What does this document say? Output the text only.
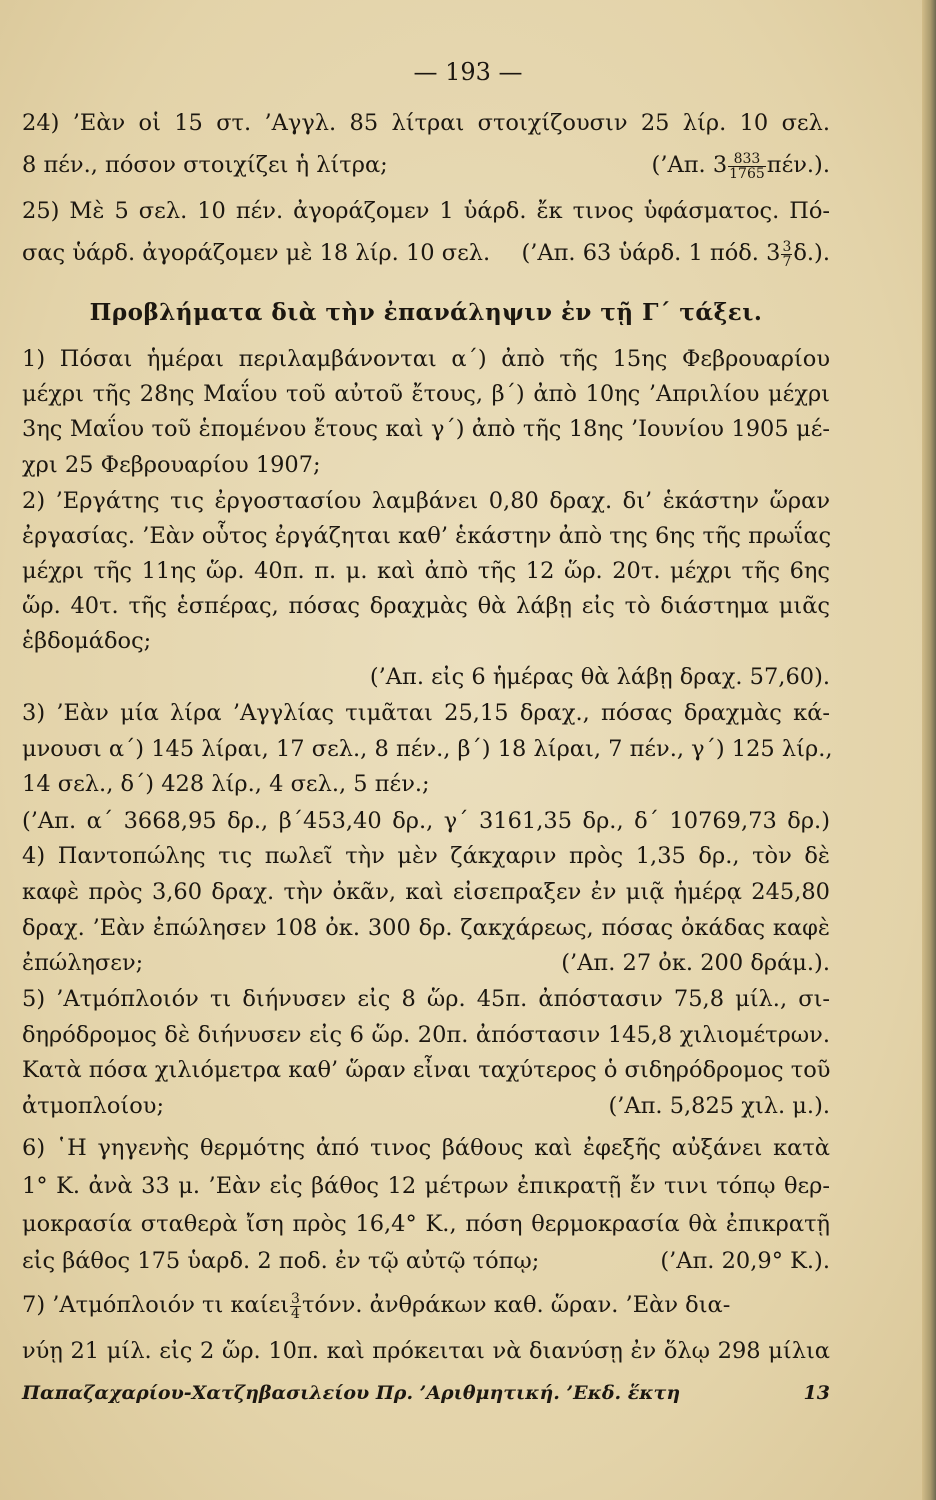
— 193 —
24) ’Εὰν οἱ 15 στ. ’Αγγλ. 85 λίτραι στοιχίζουσιν 25 λίρ. 10 σελ.
8 πέν., πόσον στοιχίζει ἡ λίτρα;	(’Απ. $3 \frac{833}{1765} \pi έ\nu$.).
25) Μὲ 5 σελ. 10 πέν. ἀγοράζομεν 1 ὑάρδ. ἔκ τινος ὑφάσματος. Πό-
σας ὑάρδ. ἀγοράζομεν μὲ 18 λίρ. 10 σελ. (’Απ. 63 ὑάρδ. 1 πόδ. $3 \frac{3}{7} \delta$.).
Προβλήματα διὰ τὴν ἐπανάληψιν ἐν τῇ Γ΄ τάξει.
1) Πόσαι ἡμέραι περιλαμβάνονται α΄) ἀπὸ τῆς 15ης Φεβρουαρίου
μέχρι τῆς 28ης Μαΐου τοῦ αὐτοῦ ἔτους, β΄) ἀπὸ 10ης ’Απριλίου μέχρι
3ης Μαΐου τοῦ ἑπομένου ἔτους καὶ γ΄) ἀπὸ τῆς 18ης ’Ιουνίου 1905 μέ-
χρι 25 Φεβρουαρίου 1907;
2) ’Εργάτης τις ἐργοστασίου λαμβάνει 0,80 δραχ. δι’ ἑκάστην ὥραν
ἐργασίας. ’Εὰν οὗτος ἐργάζηται καθ’ ἑκάστην ἀπὸ της 6ης τῆς πρωΐας
μέχρι τῆς 11ης ὥρ. 40π. π. μ. καὶ ἀπὸ τῆς 12 ὥρ. 20τ. μέχρι τῆς 6ης
ὥρ. 40τ. τῆς ἑσπέρας, πόσας δραχμὰς θὰ λάβῃ εἰς τὸ διάστημα μιᾶς
ἑβδομάδος;
(’Απ. εἰς 6 ἡμέρας θὰ λάβῃ δραχ. 57,60).
3) ’Εὰν μία λίρα ’Αγγλίας τιμᾶται 25,15 δραχ., πόσας δραχμὰς κά-
μνουσι α΄) 145 λίραι, 17 σελ., 8 πέν., β΄) 18 λίραι, 7 πέν., γ΄) 125 λίρ.,
14 σελ., δ΄) 428 λίρ., 4 σελ., 5 πέν.;
(’Απ. α΄ 3668,95 δρ., β΄453,40 δρ., γ΄ 3161,35 δρ., δ΄ 10769,73 δρ.)
4) Παντοπώλης τις πωλεῖ τὴν μὲν ζάκχαριν πρὸς 1,35 δρ., τὸν δὲ
καφὲ πρὸς 3,60 δραχ. τὴν ὀκᾶν, καὶ εἰσεπραξεν ἐν μιᾷ ἡμέρᾳ 245,80
δραχ. ’Εὰν ἐπώλησεν 108 ὀκ. 300 δρ. ζακχάρεως, πόσας ὀκάδας καφὲ
ἐπώλησεν;	(’Απ. 27 ὀκ. 200 δράμ.).
5) ’Ατμόπλοιόν τι διήνυσεν εἰς 8 ὥρ. 45π. ἀπόστασιν 75,8 μίλ., σι-
δηρόδρομος δὲ διήνυσεν εἰς 6 ὥρ. 20π. ἀπόστασιν 145,8 χιλιομέτρων.
Κατὰ πόσα χιλιόμετρα καθ’ ὥραν εἶναι ταχύτερος ὁ σιδηρόδρομος τοῦ
ἀτμοπλοίου;	(’Απ. 5,825 χιλ. μ.).
6) ῾Η γηγενὴς θερμότης ἀπό τινος βάθους καὶ ἐφεξῆς αὐξάνει κατὰ
1° Κ. ἀνὰ 33 μ. ’Εὰν εἰς βάθος 12 μέτρων ἐπικρατῇ ἔν τινι τόπῳ θερ-
μοκρασία σταθερὰ ἴση πρὸς 16,4° Κ., πόση θερμοκρασία θὰ ἐπικρατῇ
εἰς βάθος 175 ὑαρδ. 2 ποδ. ἐν τῷ αὐτῷ τόπῳ;	(’Απ. 20,9° Κ.).
7) ’Ατμόπλοιόν τι καίει $\frac{3}{4} \tau ό\nu\nu$. ἀνθράκων καθ. ὥραν. ’Εὰν δια-
νύῃ 21 μίλ. εἰς 2 ὥρ. 10π. καὶ πρόκειται νὰ διανύσῃ ἐν ὅλῳ 298 μίλια
Παπαζαχαρίου-Χατζηβασιλείου Πρ. ’Αριθμητική. ’Εκδ. ἕκτη	13
